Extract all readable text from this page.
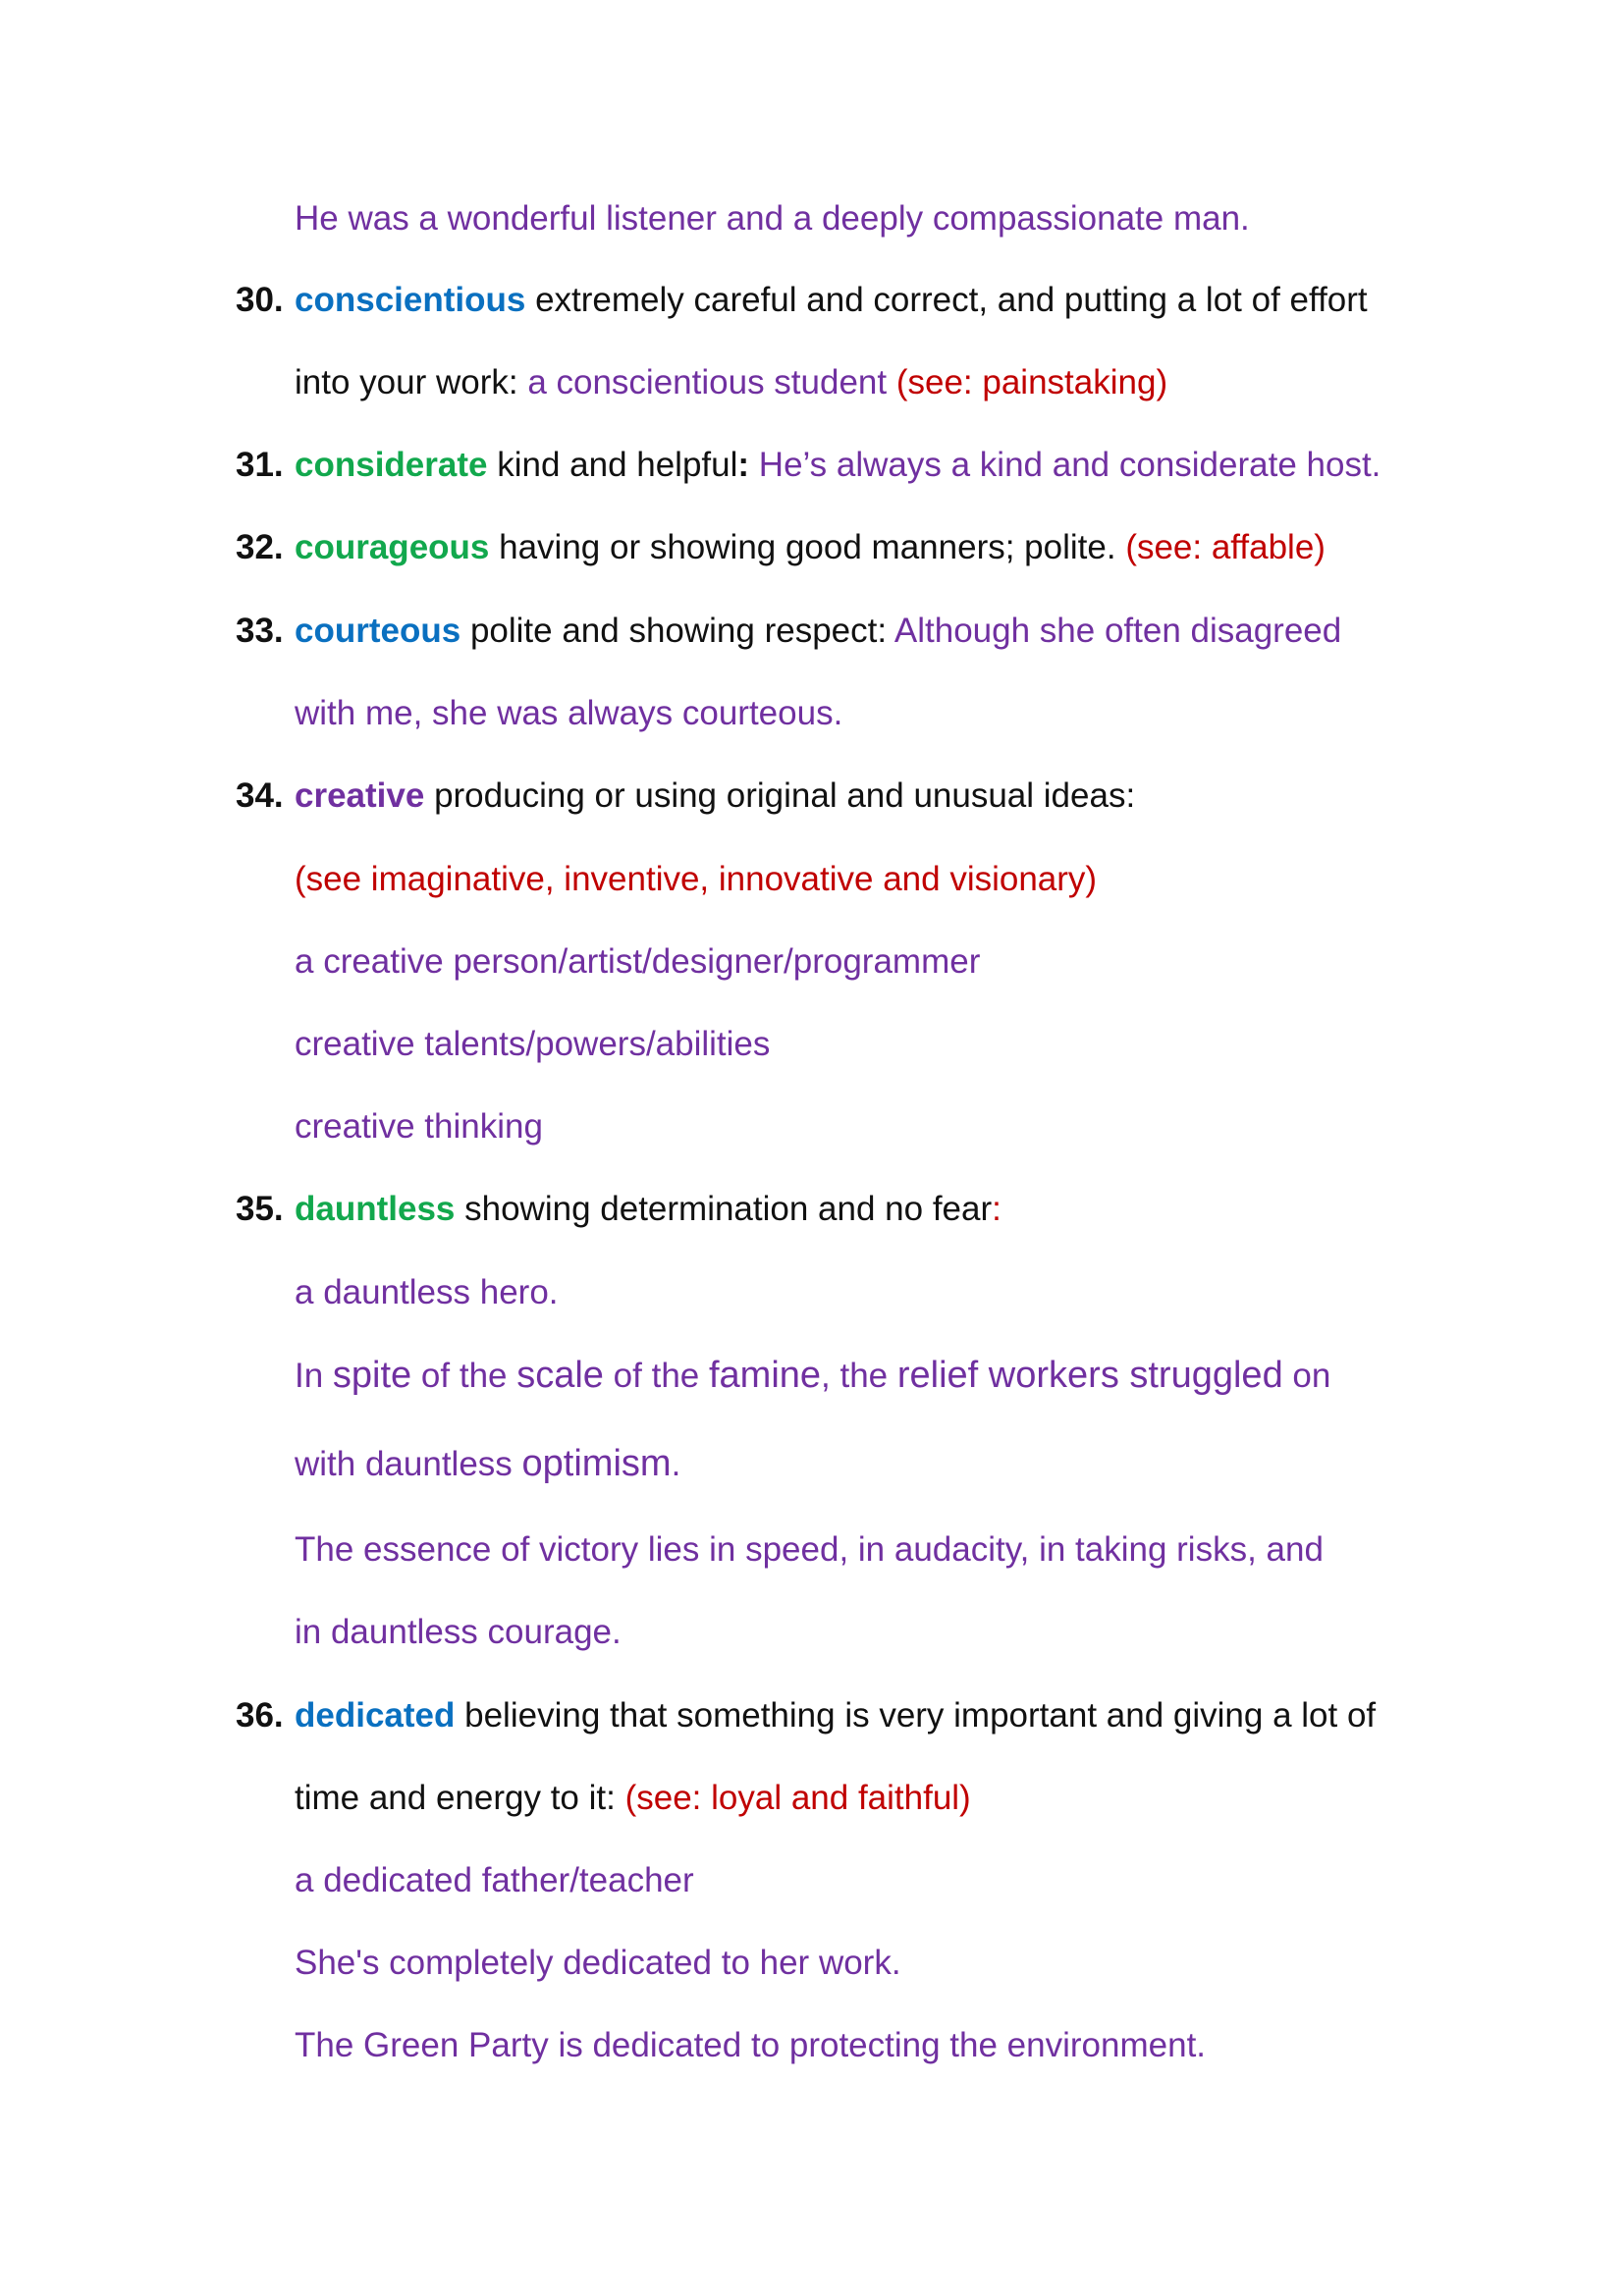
He was a wonderful listener and a deeply compassionate man.
30. conscientious extremely careful and correct, and putting a lot of effort
into your work: a conscientious student (see: painstaking)
31. considerate kind and helpful: He’s always a kind and considerate host.
32. courageous having or showing good manners; polite. (see: affable)
33. courteous polite and showing respect: Although she often disagreed
with me, she was always courteous.
34. creative producing or using original and unusual ideas:
(see imaginative, inventive, innovative and visionary)
a creative person/artist/designer/programmer
creative talents/powers/abilities
creative thinking
35. dauntless showing determination and no fear:
a dauntless hero.
In spite of the scale of the famine, the relief workers struggled on
with dauntless optimism.
The essence of victory lies in speed, in audacity, in taking risks, and
in dauntless courage.
36. dedicated believing that something is very important and giving a lot of
time and energy to it: (see: loyal and faithful)
a dedicated father/teacher
She's completely dedicated to her work.
The Green Party is dedicated to protecting the environment.
